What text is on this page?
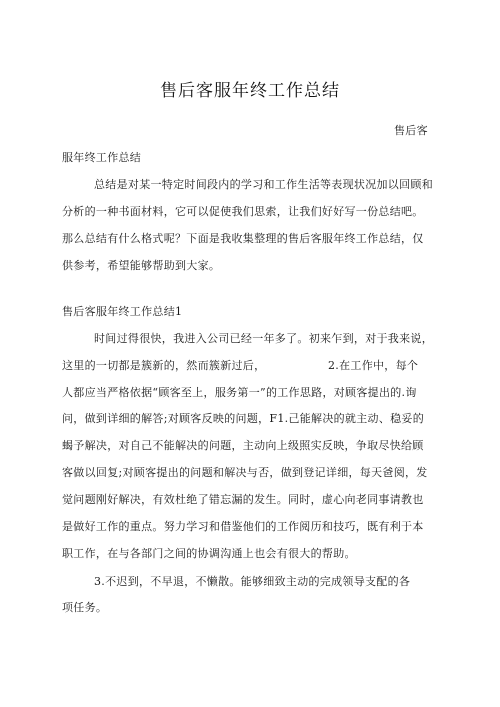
售后客服年终工作总结
售后客
服年终工作总结
总结是对某一特定时间段内的学习和工作生活等表现状况加以回顾和
分析的一种书面材料，它可以促使我们思索，让我们好好写一份总结吧。
那么总结有什么格式呢？下面是我收集整理的售后客服年终工作总结，仅
供参考，希望能够帮助到大家。
售后客服年终工作总结1
时间过得很快，我进入公司已经一年多了。初来乍到，对于我来说，
这里的一切都是簇新的，然而簇新过后，	2.在工作中，每个
人都应当严格依据“顾客至上，服务第一”的工作思路，对顾客提出的.询
问，做到详细的解答;对顾客反映的问题，F1.己能解决的就主动、稳妥的
蝎予解决，对自己不能解决的问题，主动向上级照实反映，争取尽快给顾
客做以回复;对顾客提出的问题和解决与否，做到登记详细，每天爸阅，发
觉问题刚好解决，有效杜绝了错忘漏的发生。同时，虚心向老同事请教也
是做好工作的重点。努力学习和借鉴他们的工作阅历和技巧，既有利于本
职工作，在与各部门之间的协调沟通上也会有很大的帮助。
3.不迟到，不早退，不懒散。能够细致主动的完成领导支配的各
项任务。
